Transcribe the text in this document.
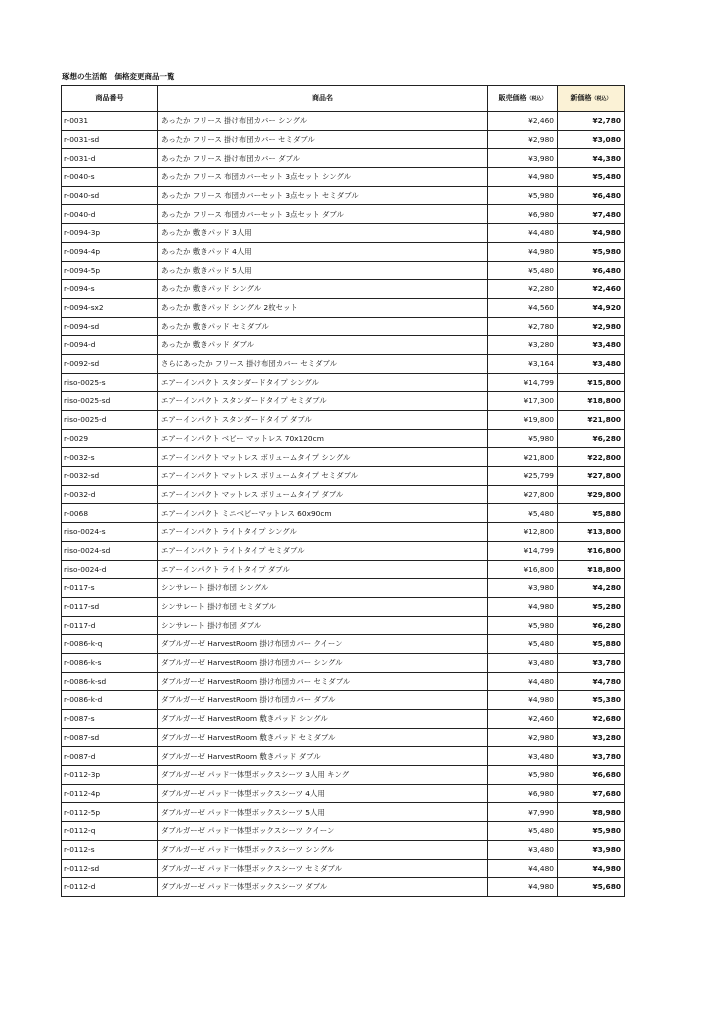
琢想の生活館　価格変更商品一覧
商品番号	商品名	販売価格（税込）	新価格（税込）
r-0031	あったか フリース 掛け布団カバー シングル	¥2,460	¥2,780
r-0031-sd	あったか フリース 掛け布団カバー セミダブル	¥2,980	¥3,080
r-0031-d	あったか フリース 掛け布団カバー ダブル	¥3,980	¥4,380
r-0040-s	あったか フリース 布団カバーセット 3点セット シングル	¥4,980	¥5,480
r-0040-sd	あったか フリース 布団カバーセット 3点セット セミダブル	¥5,980	¥6,480
r-0040-d	あったか フリース 布団カバーセット 3点セット ダブル	¥6,980	¥7,480
r-0094-3p	あったか 敷きパッド 3人用	¥4,480	¥4,980
r-0094-4p	あったか 敷きパッド 4人用	¥4,980	¥5,980
r-0094-5p	あったか 敷きパッド 5人用	¥5,480	¥6,480
r-0094-s	あったか 敷きパッド シングル	¥2,280	¥2,460
r-0094-sx2	あったか 敷きパッド シングル 2枚セット	¥4,560	¥4,920
r-0094-sd	あったか 敷きパッド セミダブル	¥2,780	¥2,980
r-0094-d	あったか 敷きパッド ダブル	¥3,280	¥3,480
r-0092-sd	さらにあったか フリース 掛け布団カバー セミダブル	¥3,164	¥3,480
riso-0025-s	エアーインパクト スタンダードタイプ シングル	¥14,799	¥15,800
riso-0025-sd	エアーインパクト スタンダードタイプ セミダブル	¥17,300	¥18,800
riso-0025-d	エアーインパクト スタンダードタイプ ダブル	¥19,800	¥21,800
r-0029	エアーインパクト ベビー マットレス 70x120cm	¥5,980	¥6,280
r-0032-s	エアーインパクト マットレス ボリュームタイプ シングル	¥21,800	¥22,800
r-0032-sd	エアーインパクト マットレス ボリュームタイプ セミダブル	¥25,799	¥27,800
r-0032-d	エアーインパクト マットレス ボリュームタイプ ダブル	¥27,800	¥29,800
r-0068	エアーインパクト ミニベビーマットレス 60x90cm	¥5,480	¥5,880
riso-0024-s	エアーインパクト ライトタイプ シングル	¥12,800	¥13,800
riso-0024-sd	エアーインパクト ライトタイプ セミダブル	¥14,799	¥16,800
riso-0024-d	エアーインパクト ライトタイプ ダブル	¥16,800	¥18,800
r-0117-s	シンサレート 掛け布団 シングル	¥3,980	¥4,280
r-0117-sd	シンサレート 掛け布団 セミダブル	¥4,980	¥5,280
r-0117-d	シンサレート 掛け布団 ダブル	¥5,980	¥6,280
r-0086-k-q	ダブルガーゼ HarvestRoom 掛け布団カバー クイーン	¥5,480	¥5,880
r-0086-k-s	ダブルガーゼ HarvestRoom 掛け布団カバー シングル	¥3,480	¥3,780
r-0086-k-sd	ダブルガーゼ HarvestRoom 掛け布団カバー セミダブル	¥4,480	¥4,780
r-0086-k-d	ダブルガーゼ HarvestRoom 掛け布団カバー ダブル	¥4,980	¥5,380
r-0087-s	ダブルガーゼ HarvestRoom 敷きパッド シングル	¥2,460	¥2,680
r-0087-sd	ダブルガーゼ HarvestRoom 敷きパッド セミダブル	¥2,980	¥3,280
r-0087-d	ダブルガーゼ HarvestRoom 敷きパッド ダブル	¥3,480	¥3,780
r-0112-3p	ダブルガーゼ パッド一体型ボックスシーツ 3人用 キング	¥5,980	¥6,680
r-0112-4p	ダブルガーゼ パッド一体型ボックスシーツ 4人用	¥6,980	¥7,680
r-0112-5p	ダブルガーゼ パッド一体型ボックスシーツ 5人用	¥7,990	¥8,980
r-0112-q	ダブルガーゼ パッド一体型ボックスシーツ クイーン	¥5,480	¥5,980
r-0112-s	ダブルガーゼ パッド一体型ボックスシーツ シングル	¥3,480	¥3,980
r-0112-sd	ダブルガーゼ パッド一体型ボックスシーツ セミダブル	¥4,480	¥4,980
r-0112-d	ダブルガーゼ パッド一体型ボックスシーツ ダブル	¥4,980	¥5,680
